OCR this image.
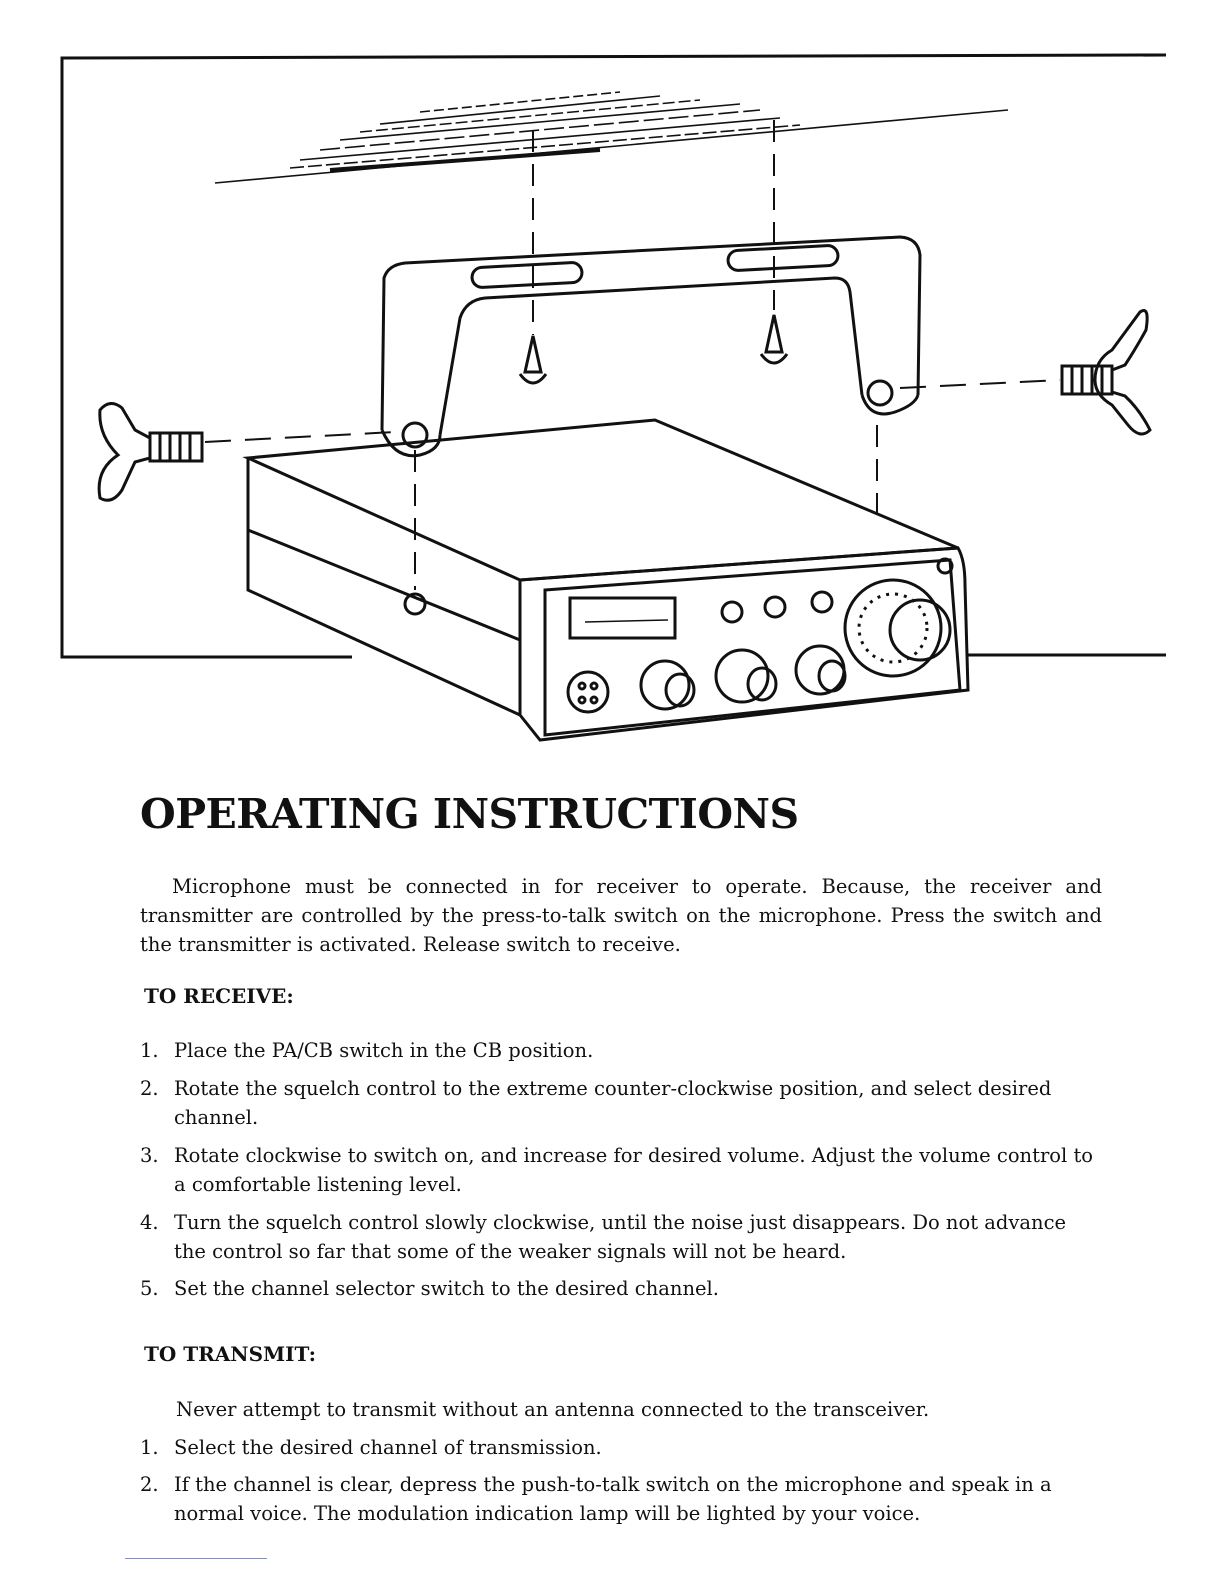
OPERATING INSTRUCTIONS

Microphone must be connected in for receiver to operate. Because, the receiver and transmitter are controlled by the press-to-talk switch on the microphone. Press the switch and the transmitter is activated. Release switch to receive.

TO RECEIVE:
1. Place the PA/CB switch in the CB position.
2. Rotate the squelch control to the extreme counter-clockwise position, and select desired channel.
3. Rotate clockwise to switch on, and increase for desired volume. Adjust the volume control to a comfortable listening level.
4. Turn the squelch control slowly clockwise, until the noise just disappears. Do not advance the control so far that some of the weaker signals will not be heard.
5. Set the channel selector switch to the desired channel.
TO TRANSMIT:

Never attempt to transmit without an antenna connected to the transceiver.

1. Select the desired channel of transmission.
2. If the channel is clear, depress the push-to-talk switch on the microphone and speak in a normal voice. The modulation indication lamp will be lighted by your voice.
